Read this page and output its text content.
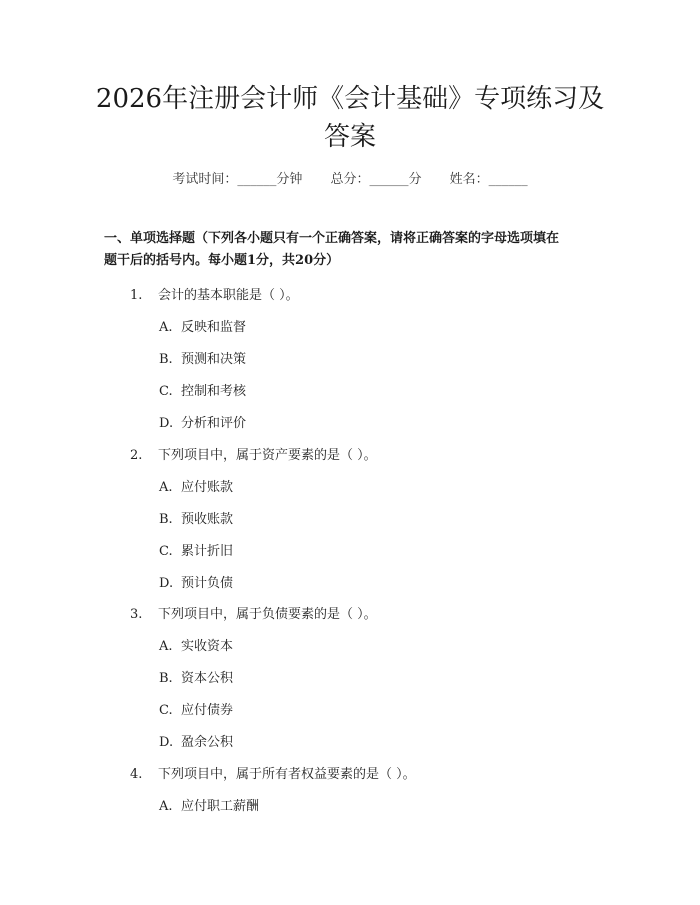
2026年注册会计师《会计基础》专项练习及
答案
考试时间：______分钟 总分：______分 姓名：______
一、单项选择题（下列各小题只有一个正确答案，请将正确答案的字母选项填在
题干后的括号内。每小题1分，共20分）
1. 会计的基本职能是（ ）。
A. 反映和监督
B. 预测和决策
C. 控制和考核
D. 分析和评价
2. 下列项目中，属于资产要素的是（ ）。
A. 应付账款
B. 预收账款
C. 累计折旧
D. 预计负债
3. 下列项目中，属于负债要素的是（ ）。
A. 实收资本
B. 资本公积
C. 应付债券
D. 盈余公积
4. 下列项目中，属于所有者权益要素的是（ ）。
A. 应付职工薪酬
